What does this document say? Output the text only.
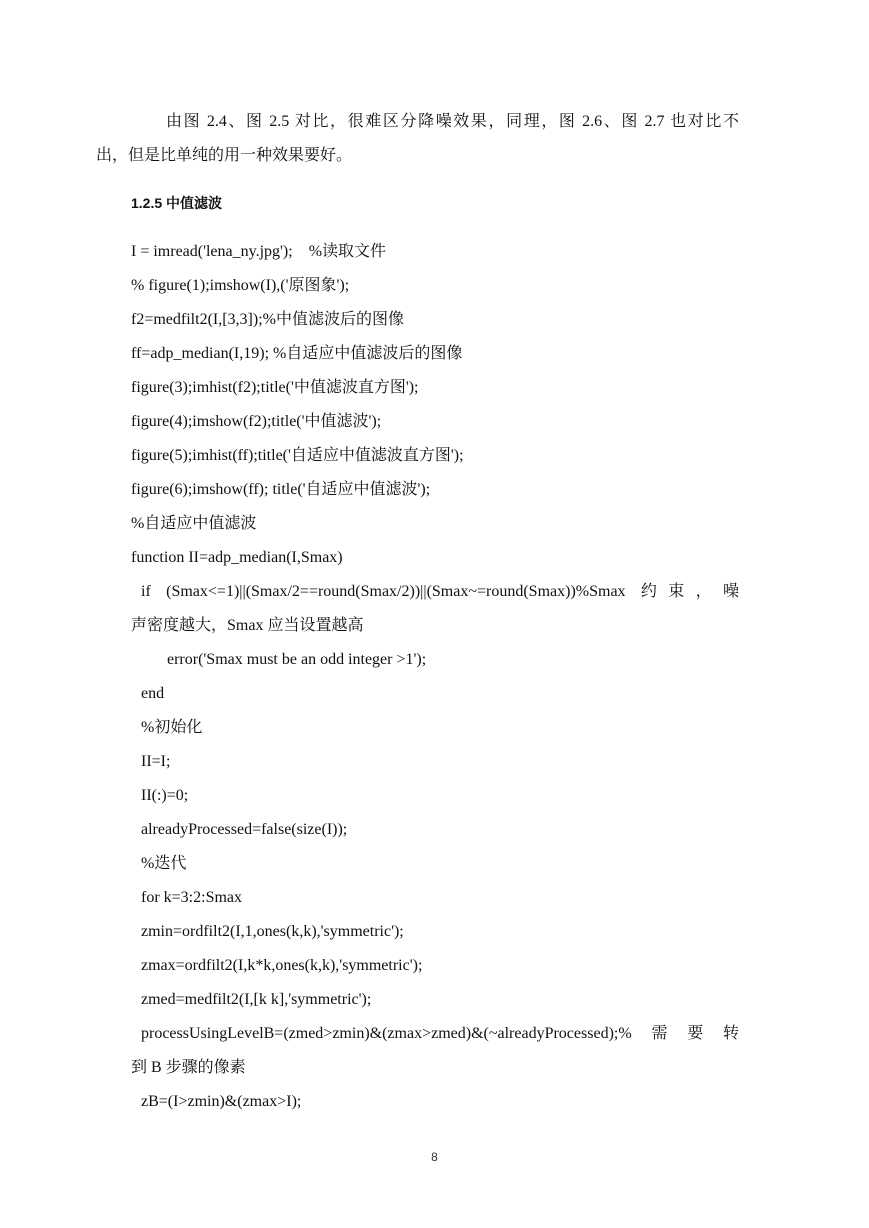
由图 2.4、图 2.5 对比，很难区分降噪效果，同理，图 2.6、图 2.7 也对比不
出，但是比单纯的用一种效果要好。
1.2.5 中值滤波
I = imread('lena_ny.jpg');    %读取文件
% figure(1);imshow(I),('原图象');
f2=medfilt2(I,[3,3]);%中值滤波后的图像
ff=adp_median(I,19); %自适应中值滤波后的图像
figure(3);imhist(f2);title('中值滤波直方图');
figure(4);imshow(f2);title('中值滤波');
figure(5);imhist(ff);title('自适应中值滤波直方图');
figure(6);imshow(ff); title('自适应中值滤波');
%自适应中值滤波
function II=adp_median(I,Smax)
if (Smax<=1)||(Smax/2==round(Smax/2))||(Smax~=round(Smax))%Smax 约束，噪
声密度越大，Smax 应当设置越高
error('Smax must be an odd integer >1');
end
%初始化
II=I;
II(:)=0;
alreadyProcessed=false(size(I));
%迭代
for k=3:2:Smax
zmin=ordfilt2(I,1,ones(k,k),'symmetric');
zmax=ordfilt2(I,k*k,ones(k,k),'symmetric');
zmed=medfilt2(I,[k k],'symmetric');
processUsingLevelB=(zmed>zmin)&(zmax>zmed)&(~alreadyProcessed);%需要转
到 B 步骤的像素
zB=(I>zmin)&(zmax>I);
8
